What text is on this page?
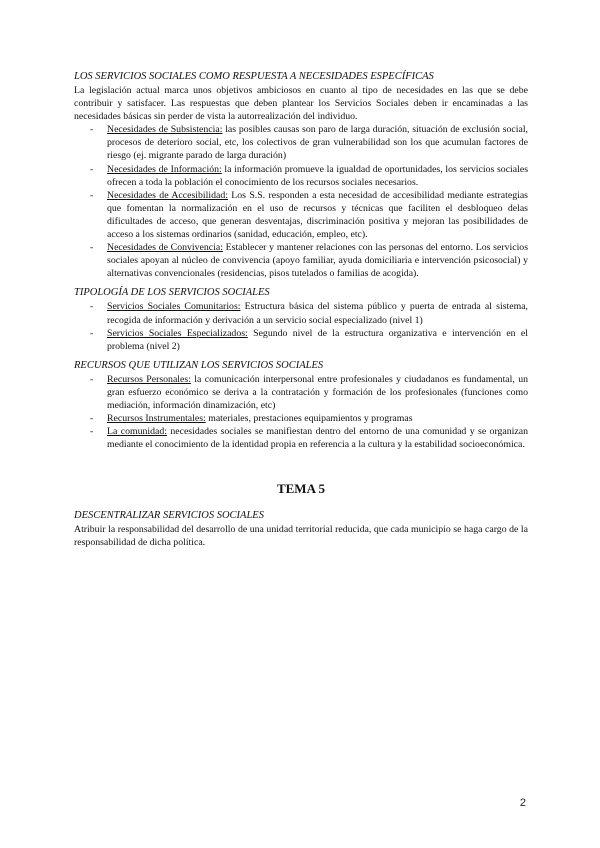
LOS SERVICIOS SOCIALES COMO RESPUESTA A NECESIDADES ESPECÍFICAS

La legislación actual marca unos objetivos ambiciosos en cuanto al tipo de necesidades en las que se debe contribuir y satisfacer. Las respuestas que deben plantear los Servicios Sociales deben ir encaminadas a las necesidades básicas sin perder de vista la autorrealización del individuo.

- Necesidades de Subsistencia: las posibles causas son paro de larga duración, situación de exclusión social, procesos de deterioro social, etc, los colectivos de gran vulnerabilidad son los que acumulan factores de riesgo (ej. migrante parado de larga duración)
- Necesidades de Información: la información promueve la igualdad de oportunidades, los servicios sociales ofrecen a toda la población el conocimiento de los recursos sociales necesarios.
- Necesidades de Accesibilidad: Los S.S. responden a esta necesidad de accesibilidad mediante estrategias que fomentan la normalización en el uso de recursos y técnicas que faciliten el desbloqueo delas dificultades de acceso, que generan desventajas, discriminación positiva y mejoran las posibilidades de acceso a los sistemas ordinarios (sanidad, educación, empleo, etc).
- Necesidades de Convivencia: Establecer y mantener relaciones con las personas del entorno. Los servicios sociales apoyan al núcleo de convivencia (apoyo familiar, ayuda domiciliaria e intervención psicosocial) y alternativas convencionales (residencias, pisos tutelados o familias de acogida).

TIPOLOGÍA DE LOS SERVICIOS SOCIALES

- Servicios Sociales Comunitarios: Estructura básica del sistema público y puerta de entrada al sistema, recogida de información y derivación a un servicio social especializado (nivel 1)
- Servicios Sociales Especializados: Segundo nivel de la estructura organizativa e intervención en el problema (nivel 2)

RECURSOS QUE UTILIZAN LOS SERVICIOS SOCIALES

- Recursos Personales: la comunicación interpersonal entre profesionales y ciudadanos es fundamental, un gran esfuerzo económico se deriva a la contratación y formación de los profesionales (funciones como mediación, información dinamización, etc)
- Recursos Instrumentales: materiales, prestaciones equipamientos y programas
- La comunidad: necesidades sociales se manifiestan dentro del entorno de una comunidad y se organizan mediante el conocimiento de la identidad propia en referencia a la cultura y la estabilidad socioeconómica.

TEMA 5

DESCENTRALIZAR SERVICIOS SOCIALES

Atribuir la responsabilidad del desarrollo de una unidad territorial reducida, que cada municipio se haga cargo de la responsabilidad de dicha política.

2
